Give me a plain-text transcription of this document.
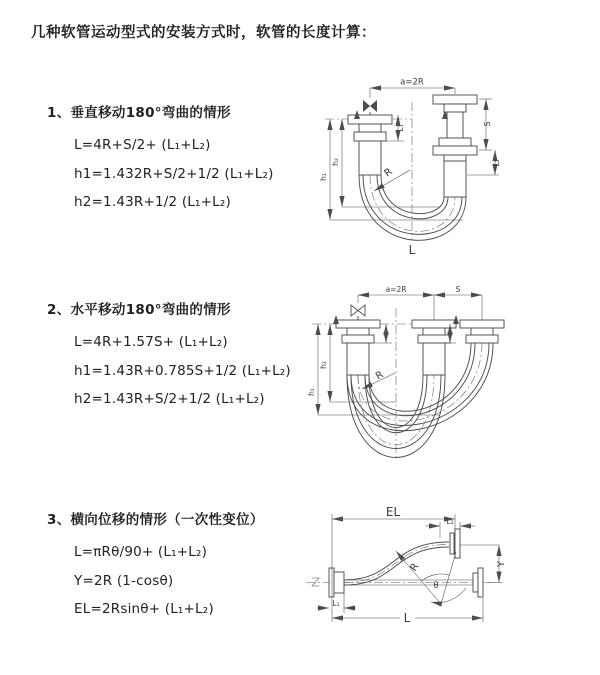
几种软管运动型式的安装方式时，软管的长度计算：
1、垂直移动180°弯曲的情形
L=4R+S/2+ (L₁+L₂)
h1=1.432R+S/2+1/2 (L₁+L₂)
h2=1.43R+1/2 (L₁+L₂)
a=2R
L₁
S
L₂
h₂
h₁	R
L
2、水平移动180°弯曲的情形
L=4R+1.57S+ (L₁+L₂)
h1=1.43R+0.785S+1/2 (L₁+L₂)
h2=1.43R+S/2+1/2 (L₁+L₂)
a=2R	S
h₂
h₁
R
3、横向位移的情形（一次性变位）
L=πRθ/90+ (L₁+L₂)
Y=2R (1-cosθ)
EL=2Rsinθ+ (L₁+L₂)
EL
L₂
Y
θ
R
L₁
L
